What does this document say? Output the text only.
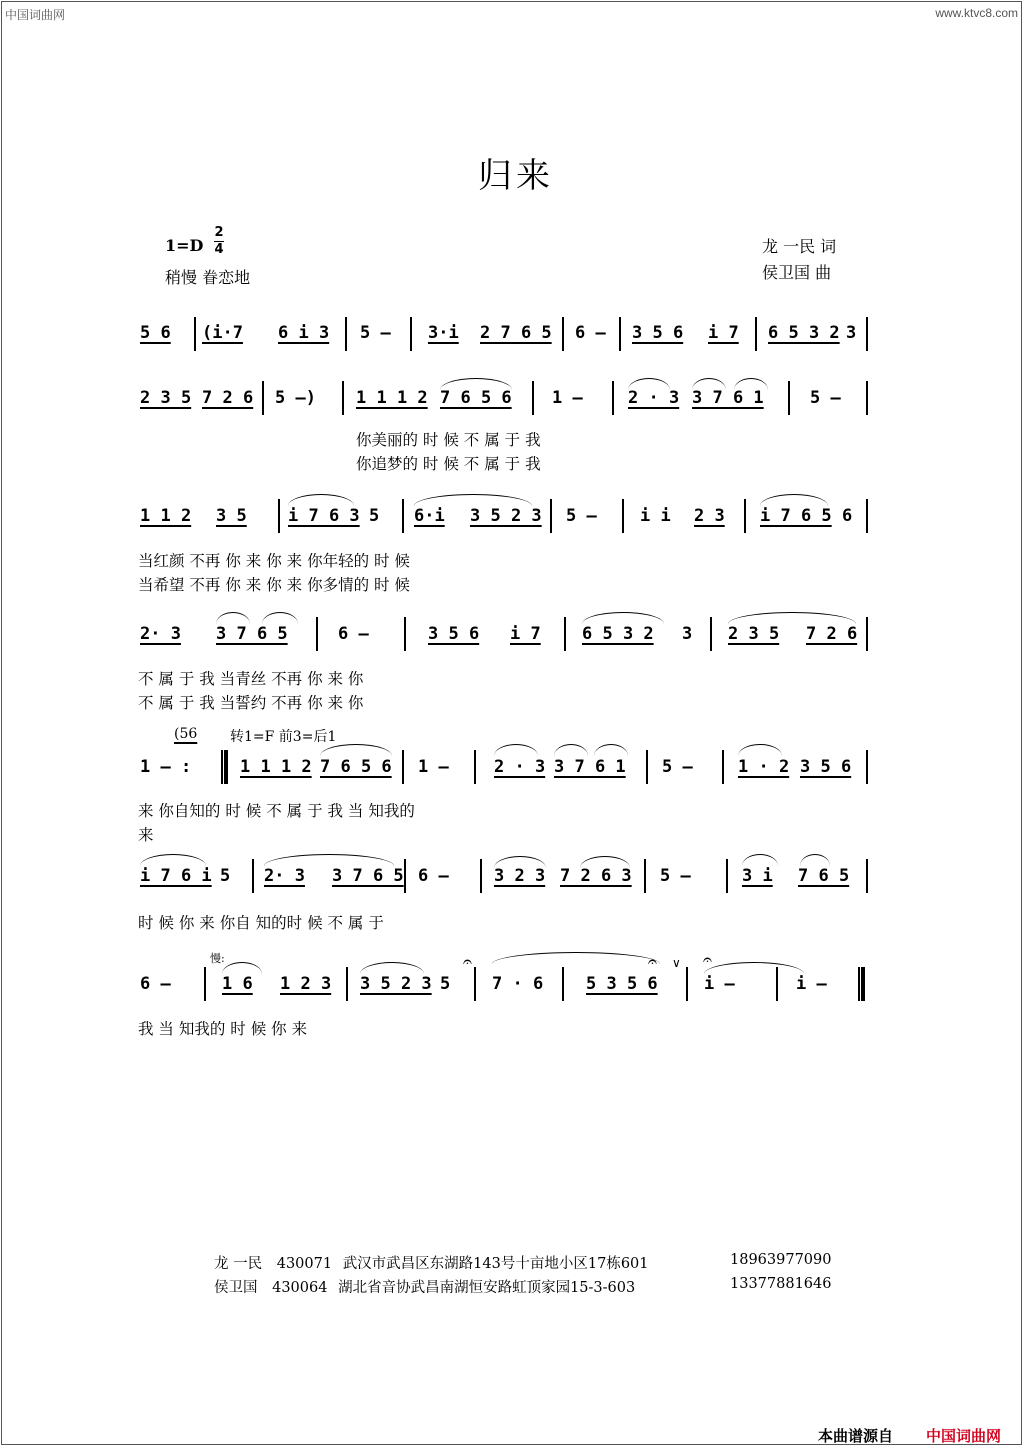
中国词曲网	www.ktvc8.com
归来
1=D
2
4
稍慢 眷恋地
龙 一民 词
侯卫国 曲
5 6 (i·7 6 i 3 5 – 3·i 2 7 6 5 6 – 3 5 6 i 7 6 5 3 2 3
2 3 5 7 2 6 5 –) 1 1 1 2 7 6 5 6 1 –	2 · 3 3 7 6 1	5 –
你美丽的 时 候 不 属 于 我
你追梦的 时 候 不 属 于 我
1 1 2 3 5 i 7 6 3 5 6·i 3 5 2 3 5 –	i i 2 3 i 7 6 5 6
当红颜 不再 你 来 你 来 你年轻的 时 候
当希望 不再 你 来 你 来 你多情的 时 候
2· 3 3 7 6 5	6 –	3 5 6 i 7 6 5 3 2 3 2 3 5 7 2 6
不 属 于 我 当青丝 不再 你 来 你
不 属 于 我 当誓约 不再 你 来 你
(56 转1=F 前3=后1
1 – :	1 1 1 2 7 6 5 6 1 –	2 · 3 3 7 6 1 5 –	1 · 2 3 5 6
来 你自知的 时 候 不 属 于 我 当 知我的
来
i 7 6 i 5 2· 3 3 7 6 5 6 –	3 2 3 7 2 6 3 5 –	3 i 7 6 5
时 候 你 来 你自 知的时 候 不 属 于
慢:
6 –	1 6 1 2 3 3 5 2 3 5
𝄐
7 · 6	5 3 5 6
𝄐 ∨ 𝄐
i –	i –
我 当 知我的 时 候 你 来
龙 一民 430071 武汉市武昌区东湖路143号十亩地小区17栋601	18963977090
侯卫国 430064 湖北省音协武昌南湖恒安路虹顶家园15-3-603	13377881646
本曲谱源自 中国词曲网
